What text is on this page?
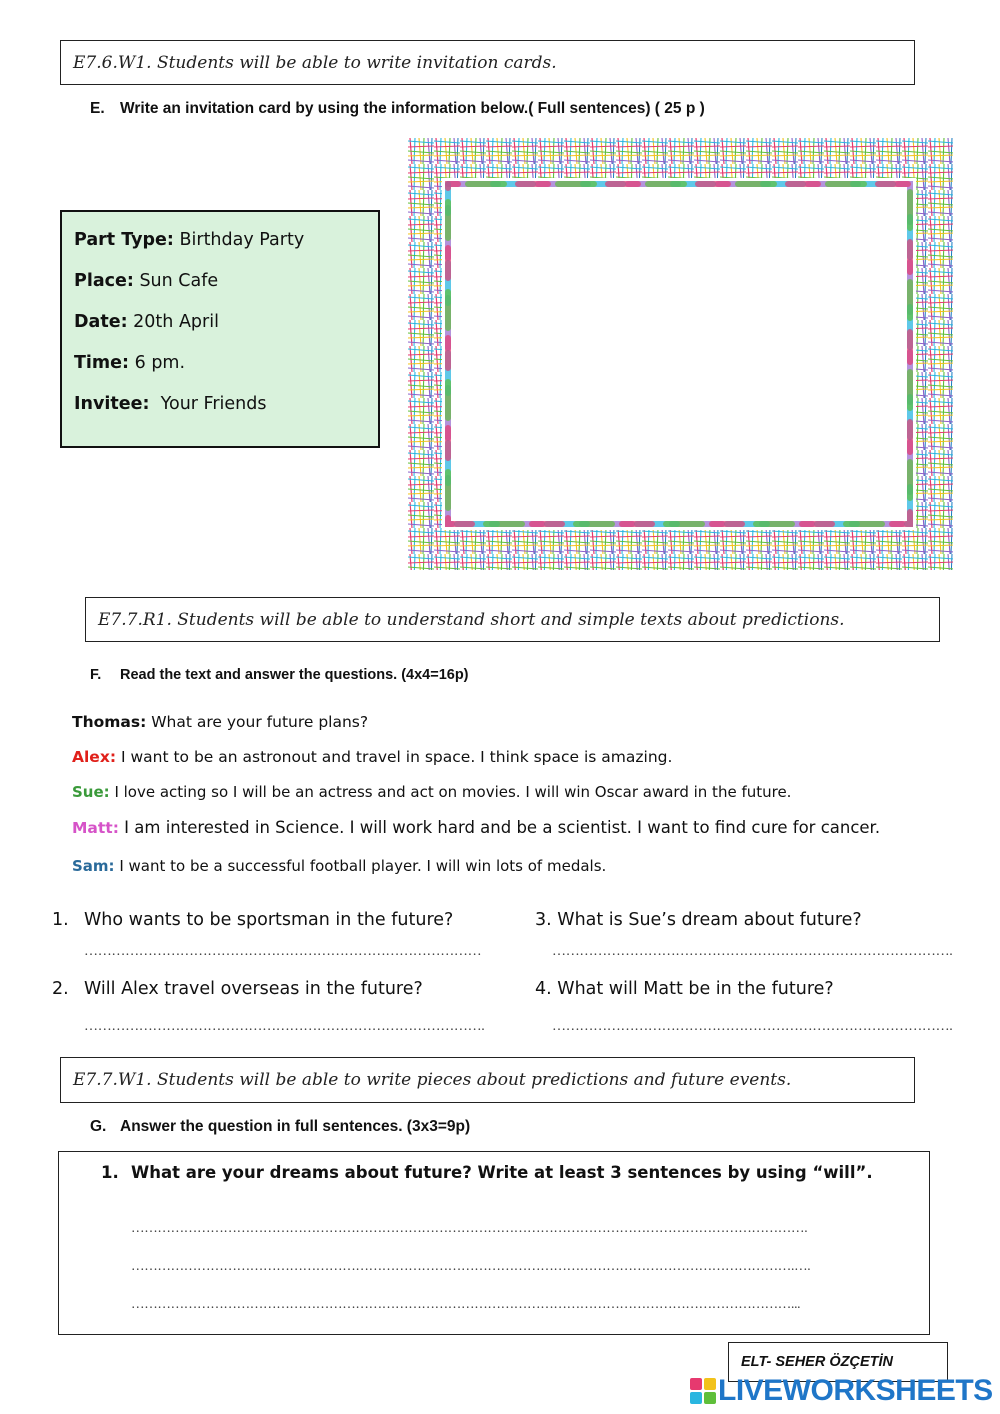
E7.6.W1. Students will be able to write invitation cards.
E. Write an invitation card by using the information below.( Full sentences) ( 25 p )
Part Type: Birthday Party
Place: Sun Cafe
Date: 20th April
Time: 6 pm.
Invitee:  Your Friends
E7.7.R1. Students will be able to understand short and simple texts about predictions.
F. Read the text and answer the questions. (4x4=16p)
Thomas: What are your future plans?
Alex: I want to be an astronout and travel in space. I think space is amazing.
Sue: I love acting so I will be an actress and act on movies. I will win Oscar award in the future.
Matt: I am interested in Science. I will work hard and be a scientist. I want to find cure for cancer.
Sam: I want to be a successful football player. I will win lots of medals.
1. Who wants to be sportsman in the future?
……………………………………………………………………………
2. Will Alex travel overseas in the future?
…………………………………………………………………………….
3. What is Sue’s dream about future?
…………………………………………………………………………….
4. What will Matt be in the future?
…………………………………………………………………………….
E7.7.W1. Students will be able to write pieces about predictions and future events.
G. Answer the question in full sentences. (3x3=9p)
1. What are your dreams about future? Write at least 3 sentences by using “will”.
……………………………………………………………………………………………………………………………………….
…………………………………………………………………………………………………………………………………….….
……………………………………………………………………………………………………………………………………...
ELT- SEHER ÖZÇETİN
LIVEWORKSHEETS
